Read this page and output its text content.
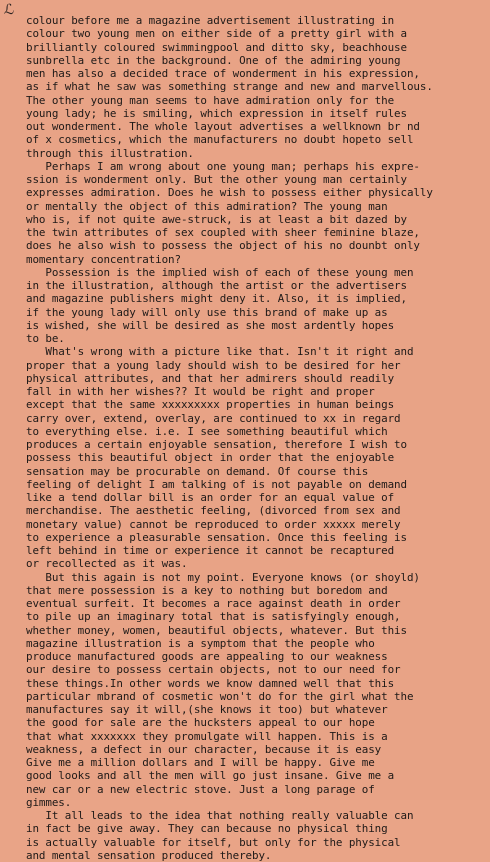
ℒ
colour before me a magazine advertisement illustrating in
colour two young men on either side of a pretty girl with a
brilliantly coloured swimmingpool and ditto sky, beachhouse
sunbrella etc in the background. One of the admiring young
men has also a decided trace of wonderment in his expression,
as if what he saw was something strange and new and marvellous.
The other young man seems to have admiration only for the
young lady; he is smiling, which expression in itself rules
out wonderment. The whole layout advertises a wellknown br nd
of x cosmetics, which the manufacturers no doubt hopeto sell
through this illustration.
Perhaps I am wrong about one young man; perhaps his expre-
ssion is wonderment only. But the other young man certainly
expresses admiration. Does he wish to possess either physically
or mentally the object of this admiration? The young man
who is, if not quite awe-struck, is at least a bit dazed by
the twin attributes of sex coupled with sheer feminine blaze,
does he also wish to possess the object of his no dounbt only
momentary concentration?
Possession is the implied wish of each of these young men
in the illustration, although the artist or the advertisers
and magazine publishers might deny it. Also, it is implied,
if the young lady will only use this brand of make up as
is wished, she will be desired as she most ardently hopes
to be.
What's wrong with a picture like that. Isn't it right and
proper that a young lady should wish to be desired for her
physical attributes, and that her admirers should readily
fall in with her wishes?? It would be right and proper
except that the same xxxxxxxxx properties in human beings
carry over, extend, overlay, are continued to xx in regard
to everything else. i.e. I see something beautiful which
produces a certain enjoyable sensation, therefore I wish to
possess this beautiful object in order that the enjoyable
sensation may be procurable on demand. Of course this
feeling of delight I am talking of is not payable on demand
like a tend dollar bill is an order for an equal value of
merchandise. The aesthetic feeling, (divorced from sex and
monetary value) cannot be reproduced to order xxxxx merely
to experience a pleasurable sensation. Once this feeling is
left behind in time or experience it cannot be recaptured
or recollected as it was.
But this again is not my point. Everyone knows (or shoyld)
that mere possession is a key to nothing but boredom and
eventual surfeit. It becomes a race against death in order
to pile up an imaginary total that is satisfyingly enough,
whether money, women, beautiful objects, whatever. But this
magazine illustration is a symptom that the people who
produce manufactured goods are appealing to our weakness
our desire to possess certain objects, not to our need for
these things.In other words we know damned well that this
particular mbrand of cosmetic won't do for the girl what the
manufactures say it will,(she knows it too) but whatever
the good for sale are the hucksters appeal to our hope
that what xxxxxxx they promulgate will happen. This is a
weakness, a defect in our character, because it is easy
Give me a million dollars and I will be happy. Give me
good looks and all the men will go just insane. Give me a
new car or a new electric stove. Just a long parage of
gimmes.
It all leads to the idea that nothing really valuable can
in fact be give away. They can because no physical thing
is actually valuable for itself, but only for the physical
and mental sensation produced thereby.
